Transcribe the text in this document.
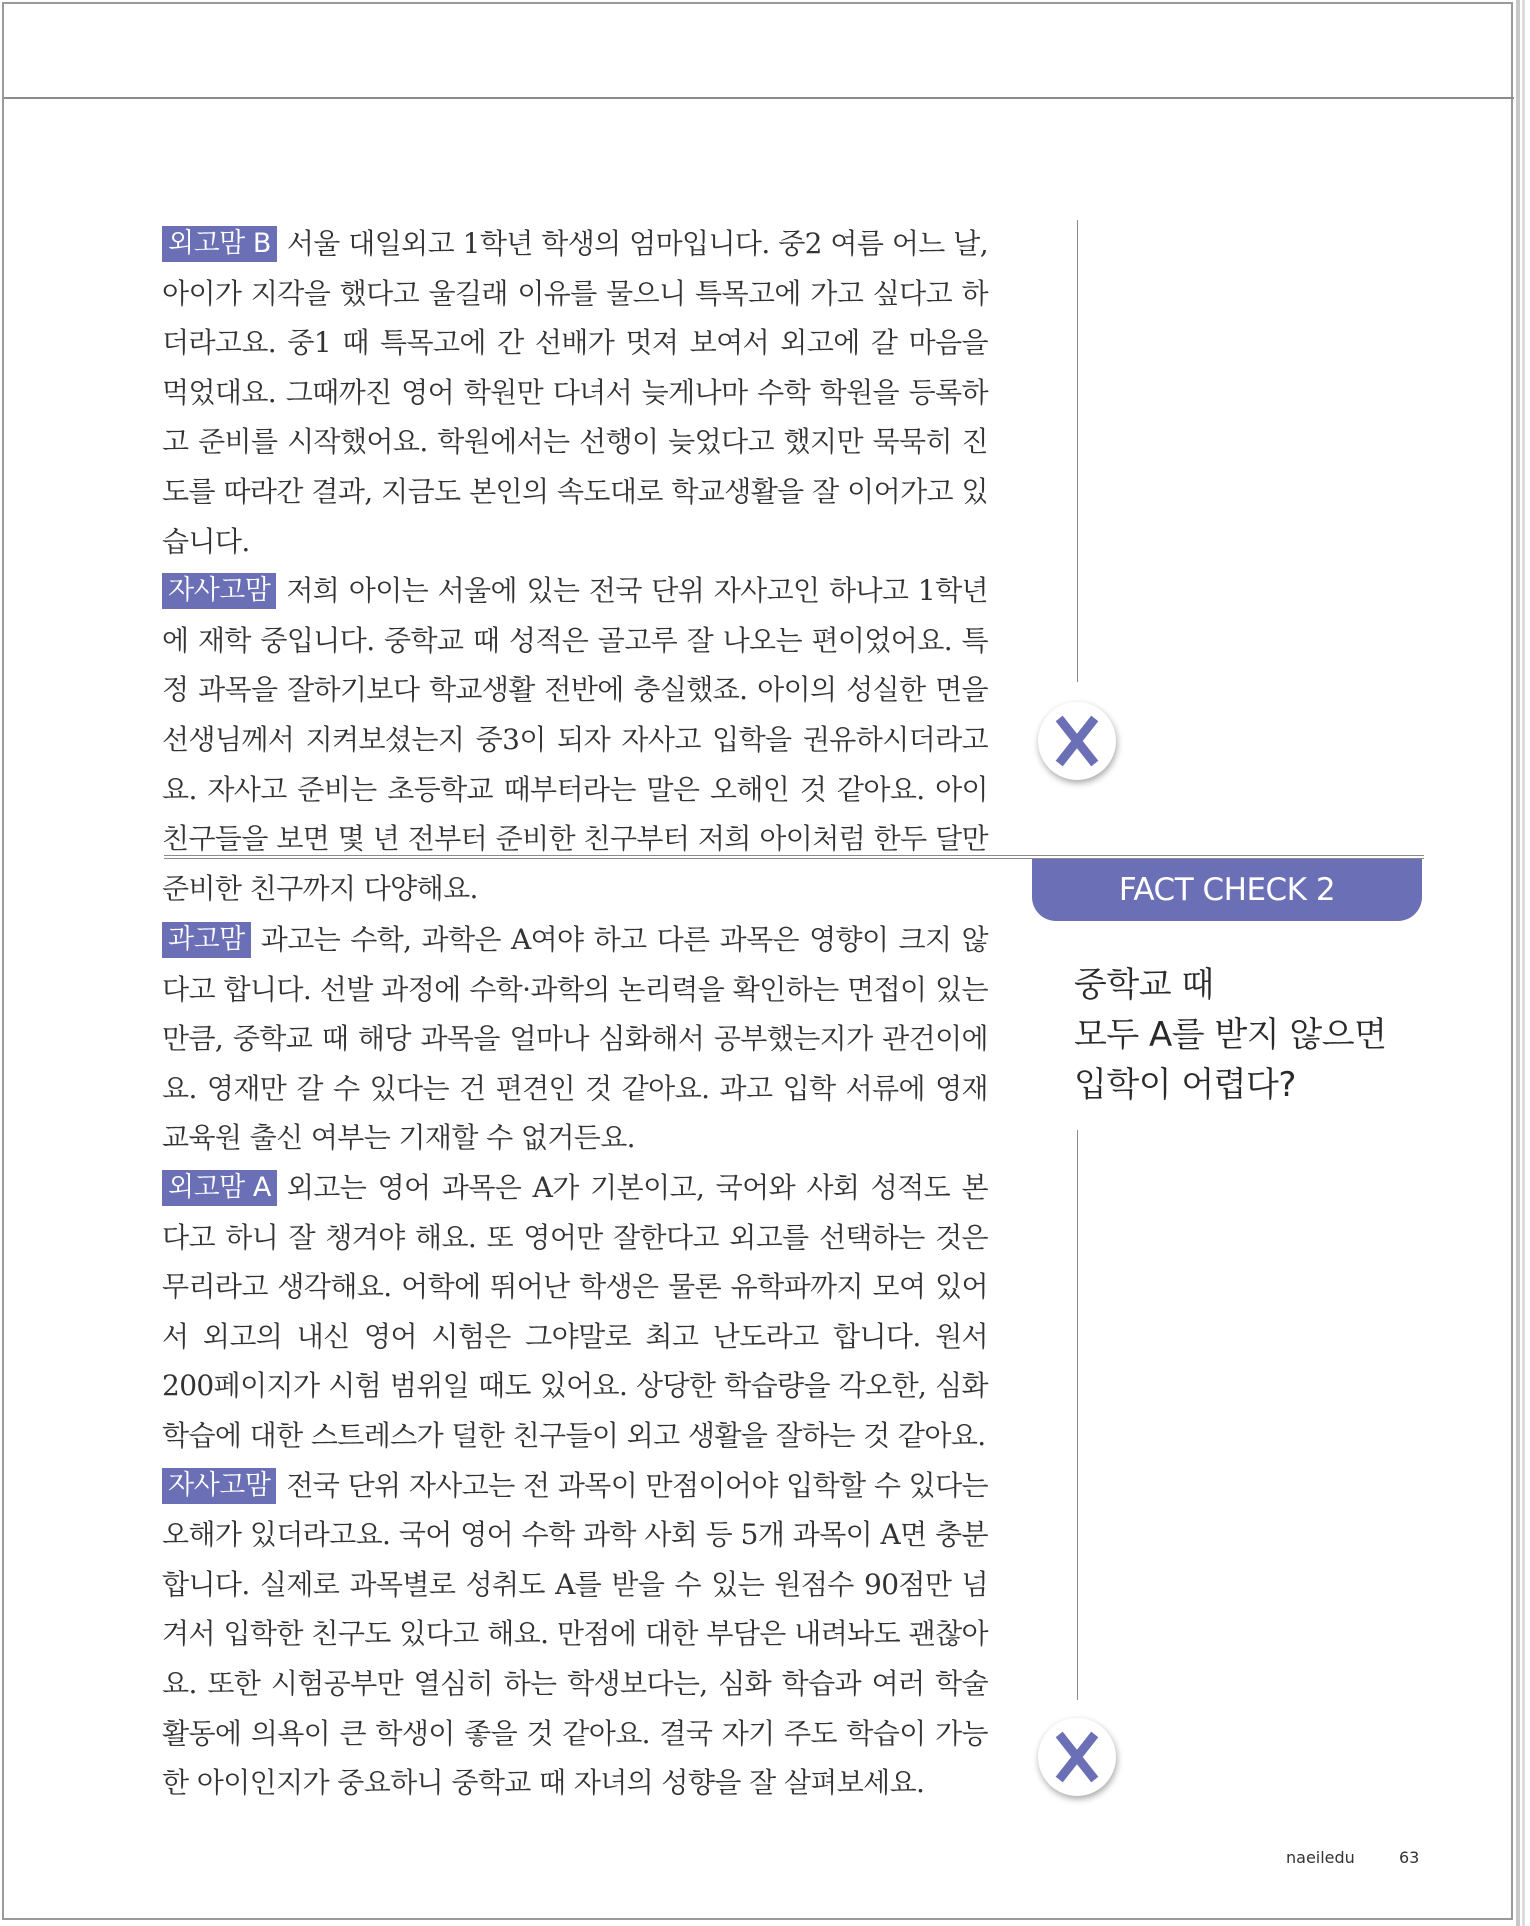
외고맘 B 서울 대일외고 1학년 학생의 엄마입니다. 중2 여름 어느 날, 아이가 지각을 했다고 울길래 이유를 물으니 특목고에 가고 싶다고 하더라고요. 중1 때 특목고에 간 선배가 멋져 보여서 외고에 갈 마음을 먹었대요. 그때까진 영어 학원만 다녀서 늦게나마 수학 학원을 등록하고 준비를 시작했어요. 학원에서는 선행이 늦었다고 했지만 묵묵히 진도를 따라간 결과, 지금도 본인의 속도대로 학교생활을 잘 이어가고 있습니다.

자사고맘 저희 아이는 서울에 있는 전국 단위 자사고인 하나고 1학년에 재학 중입니다. 중학교 때 성적은 골고루 잘 나오는 편이었어요. 특정 과목을 잘하기보다 학교생활 전반에 충실했죠. 아이의 성실한 면을 선생님께서 지켜보셨는지 중3이 되자 자사고 입학을 권유하시더라고요. 자사고 준비는 초등학교 때부터라는 말은 오해인 것 같아요. 아이 친구들을 보면 몇 년 전부터 준비한 친구부터 저희 아이처럼 한두 달만 준비한 친구까지 다양해요.	FACT CHECK 2
중학교 때
모두 A를 받지 않으면
입학이 어렵다?

과고맘 과고는 수학, 과학은 A여야 하고 다른 과목은 영향이 크지 않다고 합니다. 선발 과정에 수학·과학의 논리력을 확인하는 면접이 있는 만큼, 중학교 때 해당 과목을 얼마나 심화해서 공부했는지가 관건이에요. 영재만 갈 수 있다는 건 편견인 것 같아요. 과고 입학 서류에 영재교육원 출신 여부는 기재할 수 없거든요.

외고맘 A 외고는 영어 과목은 A가 기본이고, 국어와 사회 성적도 본다고 하니 잘 챙겨야 해요. 또 영어만 잘한다고 외고를 선택하는 것은 무리라고 생각해요. 어학에 뛰어난 학생은 물론 유학파까지 모여 있어서 외고의 내신 영어 시험은 그야말로 최고 난도라고 합니다. 원서 200페이지가 시험 범위일 때도 있어요. 상당한 학습량을 각오한, 심화 학습에 대한 스트레스가 덜한 친구들이 외고 생활을 잘하는 것 같아요.

자사고맘 전국 단위 자사고는 전 과목이 만점이어야 입학할 수 있다는 오해가 있더라고요. 국어 영어 수학 과학 사회 등 5개 과목이 A면 충분합니다. 실제로 과목별로 성취도 A를 받을 수 있는 원점수 90점만 넘겨서 입학한 친구도 있다고 해요. 만점에 대한 부담은 내려놔도 괜찮아요. 또한 시험공부만 열심히 하는 학생보다는, 심화 학습과 여러 학술 활동에 의욕이 큰 학생이 좋을 것 같아요. 결국 자기 주도 학습이 가능한 아이인지가 중요하니 중학교 때 자녀의 성향을 잘 살펴보세요.

naeiledu	63
